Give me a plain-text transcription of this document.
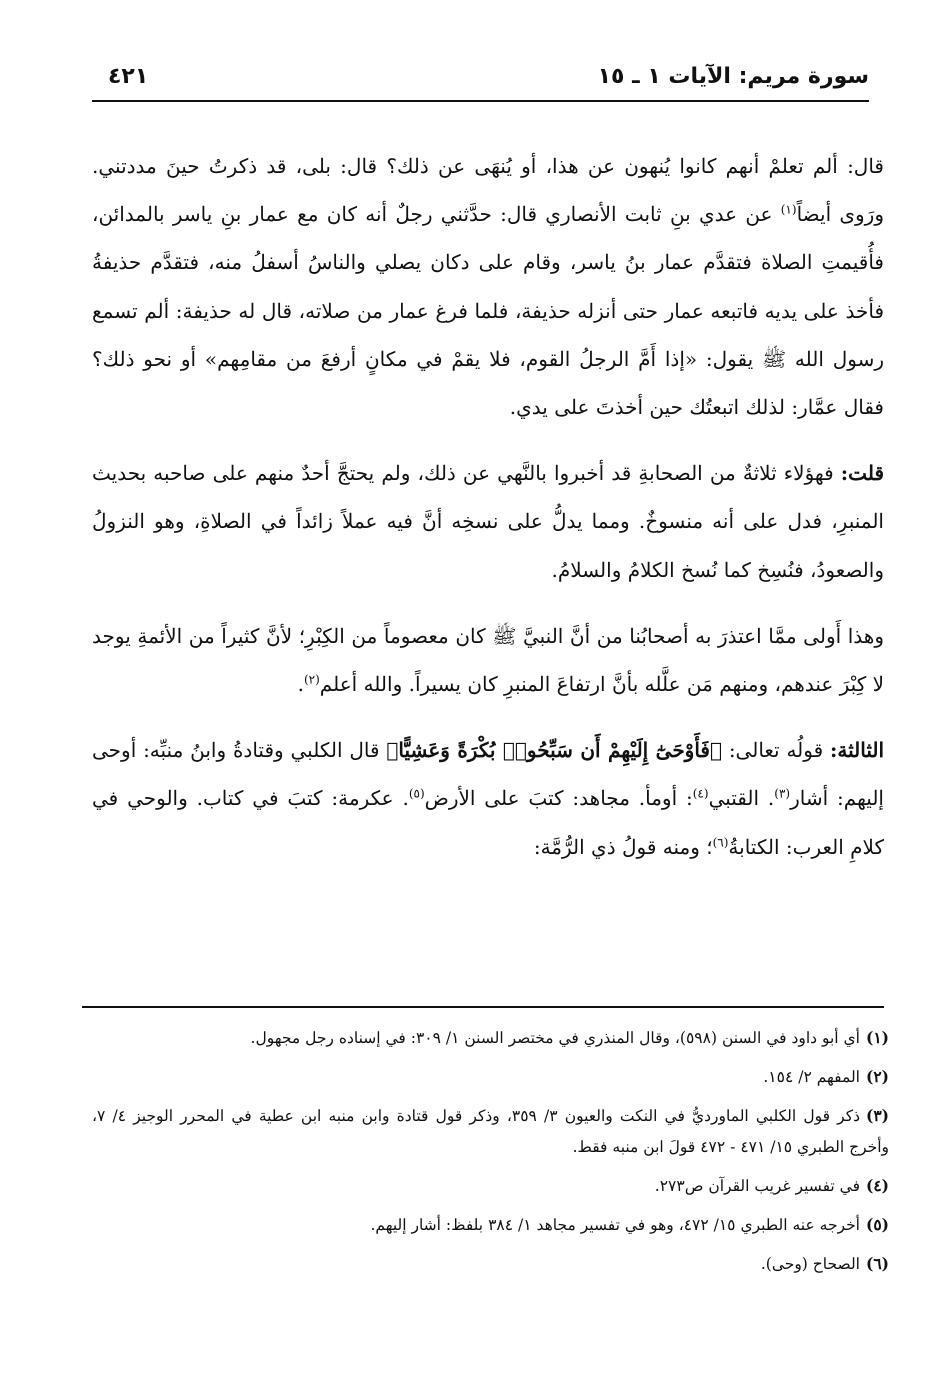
سورة مريم: الآيات ١ ـ ١٥
٤٢١

قال: ألم تعلمْ أنهم كانوا يُنهون عن هذا، أو يُنهَى عن ذلك؟ قال: بلى، قد ذكرتُ حينَ مددتني. ورَوى أيضاً$^{(١)}$ عن عدي بنِ ثابت الأنصاري قال: حدَّثني رجلٌ أنه كان مع عمار بنِ ياسر بالمدائن، فأُقيمتِ الصلاة فتقدَّم عمار بنُ ياسر، وقام على دكان يصلي والناسُ أسفلُ منه، فتقدَّم حذيفةُ فأخذ على يديه فاتبعه عمار حتى أنزله حذيفة، فلما فرغ عمار من صلاته، قال له حذيفة: ألم تسمع رسول الله ﷺ يقول: «إذا أَمَّ الرجلُ القوم، فلا يقمْ في مكانٍ أرفعَ من مقامِهم» أو نحو ذلك؟ فقال عمَّار: لذلك اتبعتُك حين أخذتَ على يدي.

قلت: فهؤلاء ثلاثةٌ من الصحابةِ قد أخبروا بالنَّهي عن ذلك، ولم يحتجَّ أحدٌ منهم على صاحبه بحديث المنبرِ، فدل على أنه منسوخٌ. ومما يدلُّ على نسخِه أنَّ فيه عملاً زائداً في الصلاةِ، وهو النزولُ والصعودُ، فنُسِخ كما نُسخ الكلامُ والسلامُ.

وهذا أَولى ممَّا اعتذرَ به أصحابُنا من أنَّ النبيَّ ﷺ كان معصوماً من الكِبْرِ؛ لأنَّ كثيراً من الأئمةِ يوجد لا كِبْرَ عندهم، ومنهم مَن علَّله بأنَّ ارتفاعَ المنبرِ كان يسيراً. والله أعلم$^{(٢)}$.

الثالثة: قولُه تعالى: ﴿فَأَوْحَىٰٓ إِلَيْهِمْ أَن سَبِّحُوا۟ بُكْرَةً وَعَشِيًّا﴾ قال الكلبي وقتادةُ وابنُ منبِّه: أوحى إليهم: أشار$^{(٣)}$. القتبي$^{(٤)}$: أومأ. مجاهد: كتبَ على الأرض$^{(٥)}$. عكرمة: كتبَ في كتاب. والوحي في كلامِ العرب: الكتابةُ$^{(٦)}$؛ ومنه قولُ ذي الرُّمَّة:

(١)أي أبو داود في السنن (٥٩٨)، وقال المنذري في مختصر السنن ١/ ٣٠٩: في إسناده رجل مجهول.

(٢)المفهم ٢/ ١٥٤.

(٣)ذكر قول الكلبي الماورديُّ في النكت والعيون ٣/ ٣٥٩، وذكر قول قتادة وابن منبه ابن عطية في المحرر الوجيز ٤/ ٧، وأخرج الطبري ١٥/ ٤٧١ - ٤٧٢ قولَ ابن منبه فقط.

(٤)في تفسير غريب القرآن ص٢٧٣.

(٥)أخرجه عنه الطبري ١٥/ ٤٧٢، وهو في تفسير مجاهد ١/ ٣٨٤ بلفظ: أشار إليهم.

(٦)الصحاح (وحى).
